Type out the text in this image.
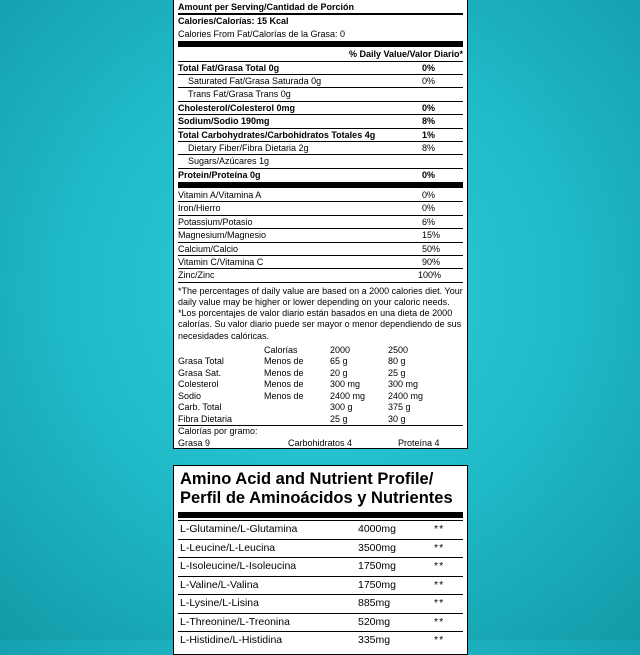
Amount per Serving/Cantidad de Porción
Calories/Calorías: 15 Kcal
Calories From Fat/Calorías de la Grasa: 0
% Daily Value/Valor Diario*
Total Fat/Grasa Total 0g	0%
Saturated Fat/Grasa Saturada 0g	0%
Trans Fat/Grasa Trans 0g
Cholesterol/Colesterol 0mg	0%
Sodium/Sodio 190mg	8%
Total Carbohydrates/Carbohidratos Totales 4g	1%
Dietary Fiber/Fibra Dietaria 2g	8%
Sugars/Azúcares 1g
Protein/Proteína 0g	0%
Vitamin A/Vitamina A	0%
Iron/Hierro	0%
Potassium/Potasio	6%
Magnesium/Magnesio	15%
Calcium/Calcio	50%
Vitamin C/Vitamina C	90%
Zinc/Zinc	100%
*The percentages of daily value are based on a 2000 calories diet. Your daily value may be higher or lower depending on your caloric needs.
*Los porcentajes de valor diario están basados en una dieta de 2000 calorías. Su valor diario puede ser mayor o menor dependiendo de sus necesidades calóricas.
	Calorías	2000	2500
Grasa Total	Menos de	65 g	80 g
Grasa Sat.	Menos de	20 g	25 g
Colesterol	Menos de	300 mg	300 mg
Sodio	Menos de	2400 mg	2400 mg
Carb. Total		300 g	375 g
Fibra Dietaria		25 g	30 g
Calorías por gramo:
Grasa 9	Carbohidratos 4	Proteína 4
Amino Acid and Nutrient Profile/
Perfil de Aminoácidos y Nutrientes
L-Glutamine/L-Glutamina	4000mg	**
L-Leucine/L-Leucina	3500mg	**
L-Isoleucine/L-Isoleucina	1750mg	**
L-Valine/L-Valina	1750mg	**
L-Lysine/L-Lisina	885mg	**
L-Threonine/L-Treonina	520mg	**
L-Histidine/L-Histidina	335mg	**
